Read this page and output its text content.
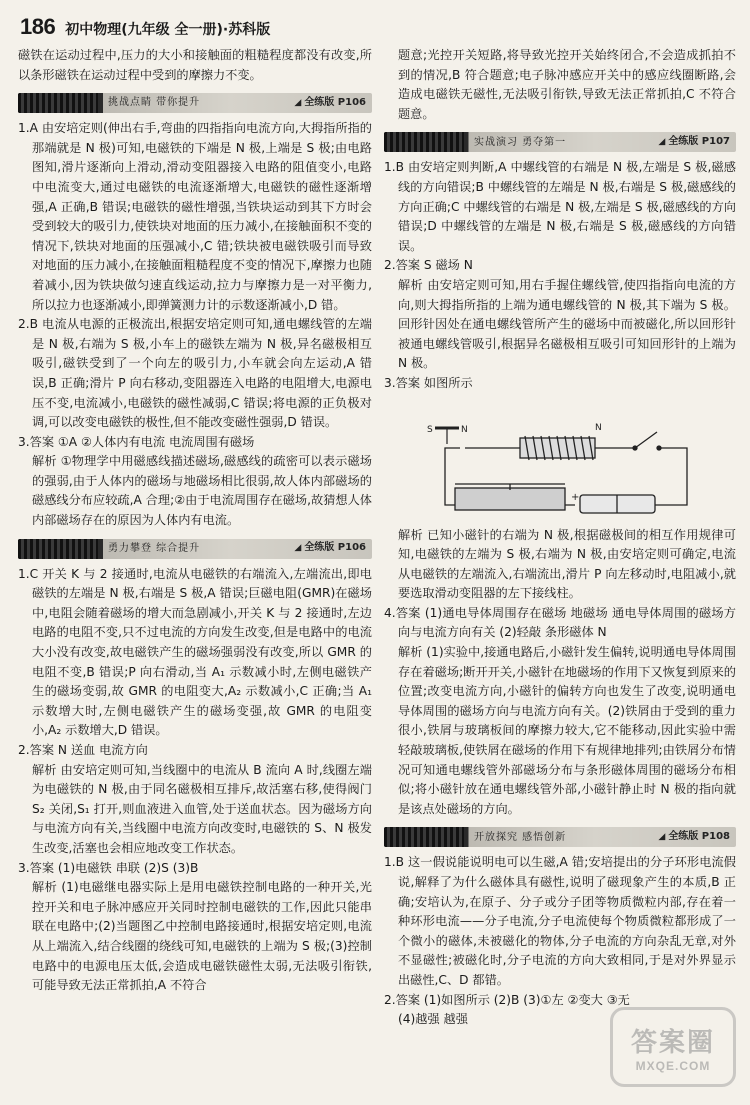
186 初中物理(九年级 全一册)·苏科版

磁铁在运动过程中,压力的大小和接触面的粗糙程度都没有改变,所以条形磁铁在运动过程中受到的摩擦力不变。

挑战点睛 带你提升	◢ 全练版 P106

1.A 由安培定则(伸出右手,弯曲的四指指向电流方向,大拇指所指的那端就是 N 极)可知,电磁铁的下端是 N 极,上端是 S 极;由电路图知,滑片逐渐向上滑动,滑动变阻器接入电路的阻值变小,电路中电流变大,通过电磁铁的电流逐渐增大,电磁铁的磁性逐渐增强,A 正确,B 错误;电磁铁的磁性增强,当铁块运动到其下方时会受到较大的吸引力,使铁块对地面的压力减小,在接触面积不变的情况下,铁块对地面的压强减小,C 错;铁块被电磁铁吸引而导致对地面的压力减小,在接触面粗糙程度不变的情况下,摩擦力也随着减小,因为铁块做匀速直线运动,拉力与摩擦力是一对平衡力,所以拉力也逐渐减小,即弹簧测力计的示数逐渐减小,D 错。

2.B 电流从电源的正极流出,根据安培定则可知,通电螺线管的左端是 N 极,右端为 S 极,小车上的磁铁左端为 N 极,异名磁极相互吸引,磁铁受到了一个向左的吸引力,小车就会向左运动,A 错误,B 正确;滑片 P 向右移动,变阻器连入电路的电阻增大,电源电压不变,电流减小,电磁铁的磁性减弱,C 错误;将电源的正负极对调,可以改变电磁铁的极性,但不能改变磁性强弱,D 错误。

3.答案 ①A ②人体内有电流 电流周围有磁场

解析 ①物理学中用磁感线描述磁场,磁感线的疏密可以表示磁场的强弱,由于人体内的磁场与地磁场相比很弱,故人体内部磁场的磁感线分布应较疏,A 合理;②由于电流周围存在磁场,故猜想人体内部磁场存在的原因为人体内有电流。

勇力攀登 综合提升	◢ 全练版 P106

1.C 开关 K 与 2 接通时,电流从电磁铁的右端流入,左端流出,即电磁铁的左端是 N 极,右端是 S 极,A 错误;巨磁电阻(GMR)在磁场中,电阻会随着磁场的增大而急剧减小,开关 K 与 2 接通时,左边电路的电阻不变,只不过电流的方向发生改变,但是电路中的电流大小没有改变,故电磁铁产生的磁场强弱没有改变,所以 GMR 的电阻不变,B 错误;P 向右滑动,当 A₁ 示数减小时,左侧电磁铁产生的磁场变弱,故 GMR 的电阻变大,A₂ 示数减小,C 正确;当 A₁ 示数增大时,左侧电磁铁产生的磁场变强,故 GMR 的电阻变小,A₂ 示数增大,D 错误。

2.答案 N 送血 电流方向

解析 由安培定则可知,当线圈中的电流从 B 流向 A 时,线圈左端为电磁铁的 N 极,由于同名磁极相互排斥,故活塞右移,使得阀门 S₂ 关闭,S₁ 打开,则血液进入血管,处于送血状态。因为磁场方向与电流方向有关,当线圈中电流方向改变时,电磁铁的 S、N 极发生改变,活塞也会相应地改变工作状态。

3.答案 (1)电磁铁 串联 (2)S (3)B

解析 (1)电磁继电器实际上是用电磁铁控制电路的一种开关,光控开关和电子脉冲感应开关同时控制电磁铁的工作,因此只能串联在电路中;(2)当题图乙中控制电路接通时,根据安培定则,电流从上端流入,结合线圈的绕线可知,电磁铁的上端为 S 极;(3)控制电路中的电源电压太低,会造成电磁铁磁性太弱,无法吸引衔铁,可能导致无法正常抓拍,A 不符合

题意;光控开关短路,将导致光控开关始终闭合,不会造成抓拍不到的情况,B 符合题意;电子脉冲感应开关中的感应线圈断路,会造成电磁铁无磁性,无法吸引衔铁,导致无法正常抓拍,C 不符合题意。

实战演习 勇夺第一	◢ 全练版 P107

1.B 由安培定则判断,A 中螺线管的右端是 N 极,左端是 S 极,磁感线的方向错误;B 中螺线管的左端是 N 极,右端是 S 极,磁感线的方向正确;C 中螺线管的右端是 N 极,左端是 S 极,磁感线的方向错误;D 中螺线管的左端是 N 极,右端是 S 极,磁感线的方向错误。

2.答案 S 磁场 N

解析 由安培定则可知,用右手握住螺线管,使四指指向电流的方向,则大拇指所指的上端为通电螺线管的 N 极,其下端为 S 极。回形针因处在通电螺线管所产生的磁场中而被磁化,所以回形针被通电螺线管吸引,根据异名磁极相互吸引可知回形针的上端为 N 极。

3.答案 如图所示

S	N	N
+

解析 已知小磁针的右端为 N 极,根据磁极间的相互作用规律可知,电磁铁的左端为 S 极,右端为 N 极,由安培定则可确定,电流从电磁铁的左端流入,右端流出,滑片 P 向左移动时,电阻减小,就要选取滑动变阻器的左下接线柱。

4.答案 (1)通电导体周围存在磁场 地磁场 通电导体周围的磁场方向与电流方向有关 (2)轻敲 条形磁体 N

解析 (1)实验中,接通电路后,小磁针发生偏转,说明通电导体周围存在着磁场;断开开关,小磁针在地磁场的作用下又恢复到原来的位置;改变电流方向,小磁针的偏转方向也发生了改变,说明通电导体周围的磁场方向与电流方向有关。(2)铁屑由于受到的重力很小,铁屑与玻璃板间的摩擦力较大,它不能移动,因此实验中需轻敲玻璃板,使铁屑在磁场的作用下有规律地排列;由铁屑分布情况可知通电螺线管外部磁场分布与条形磁体周围的磁场分布相似;将小磁针放在通电螺线管外部,小磁针静止时 N 极的指向就是该点处磁场的方向。

开放探究 感悟创新	◢ 全练版 P108

1.B 这一假说能说明电可以生磁,A 错;安培提出的分子环形电流假说,解释了为什么磁体具有磁性,说明了磁现象产生的本质,B 正确;安培认为,在原子、分子或分子团等物质微粒内部,存在着一种环形电流——分子电流,分子电流使每个物质微粒都形成了一个微小的磁体,未被磁化的物体,分子电流的方向杂乱无章,对外不显磁性;被磁化时,分子电流的方向大致相同,于是对外界显示出磁性,C、D 都错。

2.答案 (1)如图所示 (2)B (3)①左 ②变大 ③无

(4)越强 越强

答案圈
MXQE.COM
